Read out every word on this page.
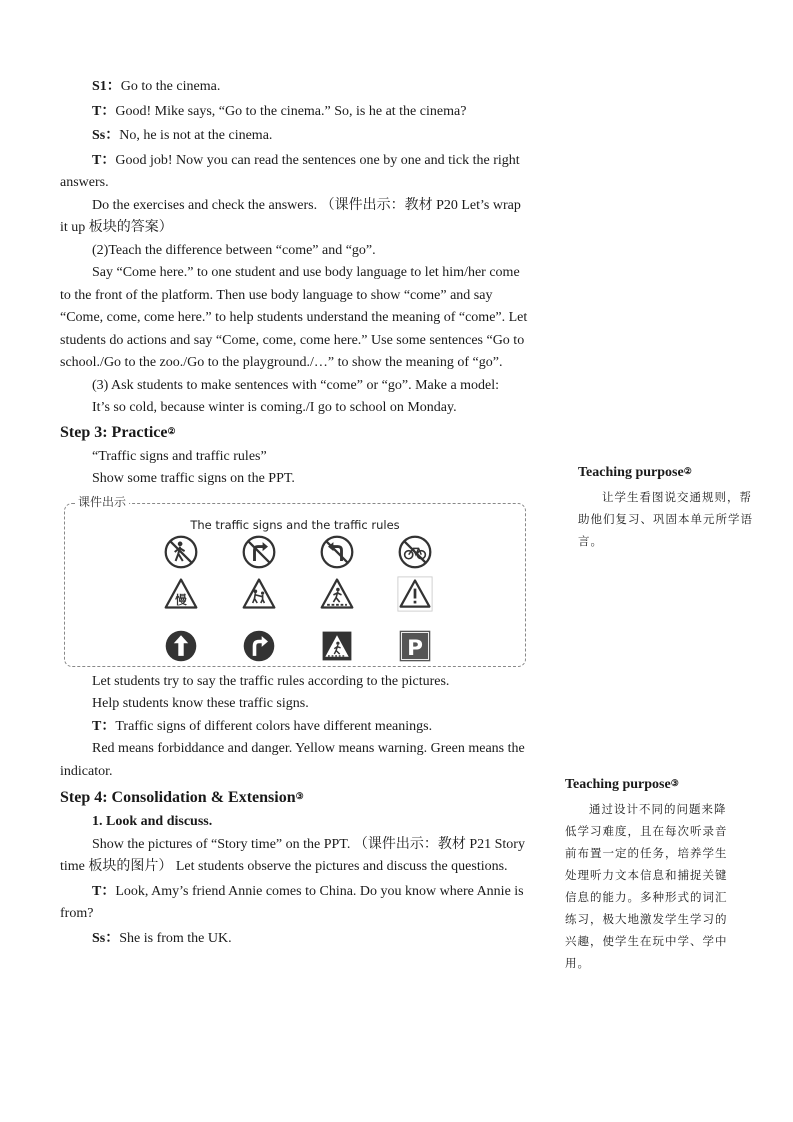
S1：Go to the cinema.

T：Good! Mike says, “Go to the cinema.” So, is he at the cinema?

Ss：No, he is not at the cinema.

T：Good job! Now you can read the sentences one by one and tick the right answers.

Do the exercises and check the answers. （课件出示：教材 P20 Let’s wrap it up 板块的答案）

(2)Teach the difference between “come” and “go”.

Say “Come here.” to one student and use body language to let him/her come to the front of the platform. Then use body language to show “come” and say “Come, come, come here.” to help students understand the meaning of “come”. Let students do actions and say “Come, come, come here.” Use some sentences “Go to school./Go to the zoo./Go to the playground./…” to show the meaning of “go”.

(3) Ask students to make sentences with “come” or “go”. Make a model:

It’s so cold, because winter is coming./I go to school on Monday.

Step 3: Practice②

“Traffic signs and traffic rules”

Show some traffic signs on the PPT.

课件出示
The traffic signs and the traffic rules
慢
P

Let students try to say the traffic rules according to the pictures.

Help students know these traffic signs.

T：Traffic signs of different colors have different meanings.

Red means forbiddance and danger. Yellow means warning. Green means the indicator.

Step 4: Consolidation & Extension③

1. Look and discuss.

Show the pictures of “Story time” on the PPT. （课件出示：教材 P21 Story time 板块的图片） Let students observe the pictures and discuss the questions.

T：Look, Amy’s friend Annie comes to China. Do you know where Annie is from?

Ss：She is from the UK.

Teaching purpose②

让学生看图说交通规则，帮助他们复习、巩固本单元所学语言。

Teaching purpose③

通过设计不同的问题来降低学习难度，且在每次听录音前布置一定的任务，培养学生处理听力文本信息和捕捉关键信息的能力。多种形式的词汇练习，极大地激发学生学习的兴趣，使学生在玩中学、学中用。
